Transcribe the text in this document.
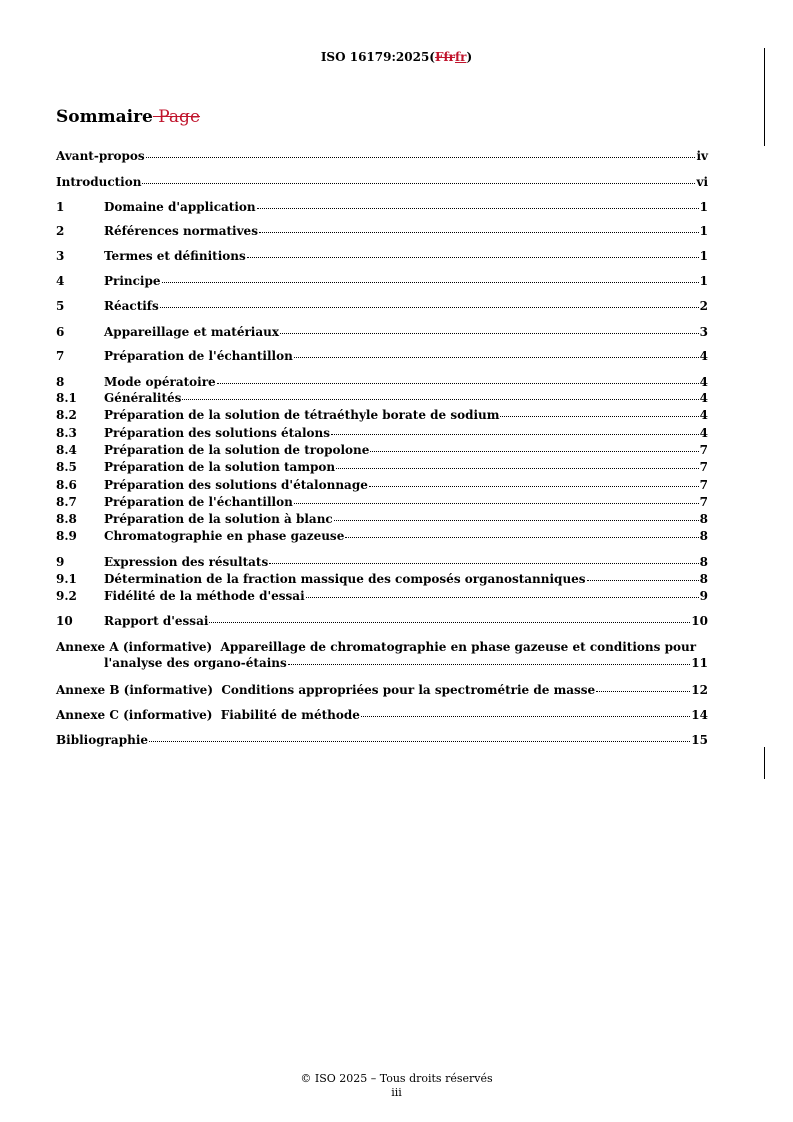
ISO 16179:2025(Ffrfr)
Sommaire Page
Avant-propos	iv
Introduction	vi
1	Domaine d'application	1
2	Références normatives	1
3	Termes et définitions	1
4	Principe	1
5	Réactifs	2
6	Appareillage et matériaux	3
7	Préparation de l'échantillon	4
8	Mode opératoire	4
8.1	Généralités	4
8.2	Préparation de la solution de tétraéthyle borate de sodium	4
8.3	Préparation des solutions étalons	4
8.4	Préparation de la solution de tropolone	7
8.5	Préparation de la solution tampon	7
8.6	Préparation des solutions d'étalonnage	7
8.7	Préparation de l'échantillon	7
8.8	Préparation de la solution à blanc	8
8.9	Chromatographie en phase gazeuse	8
9	Expression des résultats	8
9.1	Détermination de la fraction massique des composés organostanniques	8
9.2	Fidélité de la méthode d'essai	9
10	Rapport d'essai	10
Annexe A (informative) Appareillage de chromatographie en phase gazeuse et conditions pour
l'analyse des organo-étains	11
Annexe B (informative)
Conditions appropriées pour la spectrométrie de masse	12
Annexe C (informative)
Fiabilité de méthode	14
Bibliographie	15
© ISO 2025 – Tous droits réservés
iii
